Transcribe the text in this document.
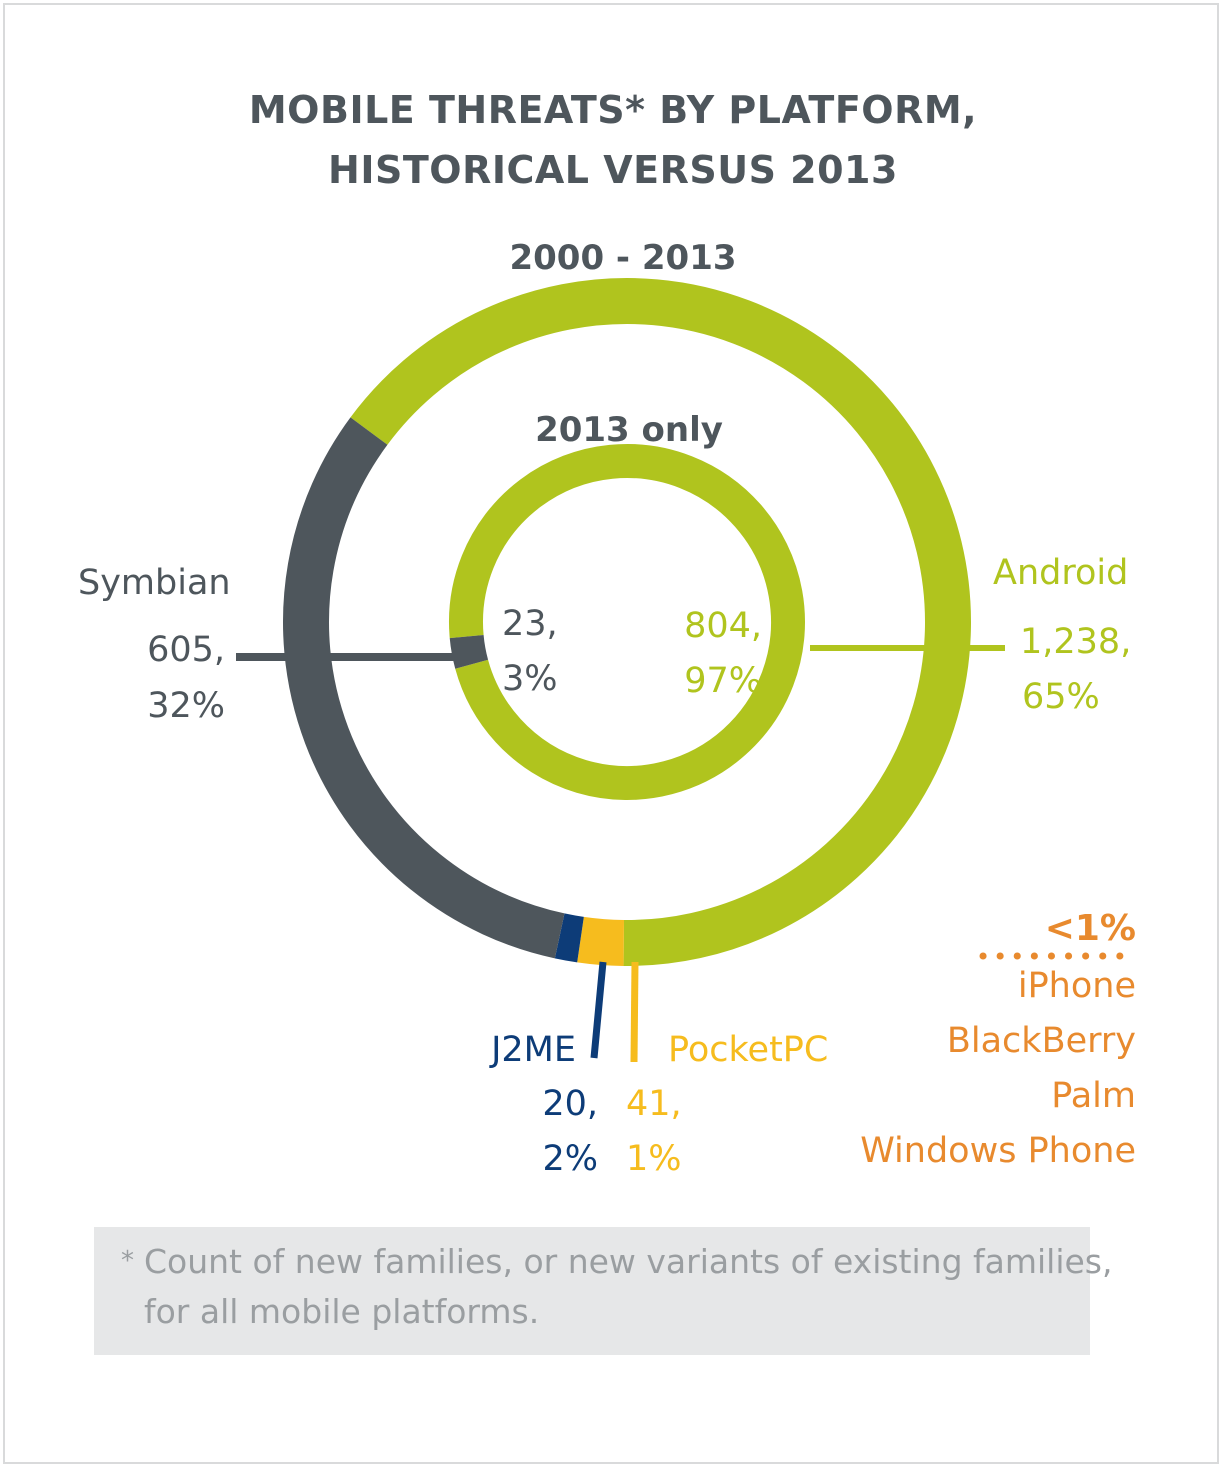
MOBILE THREATS* BY PLATFORM,
HISTORICAL VERSUS 2013
2000 - 2013
2013 only
Symbian
605,
32%
23,
3%
804,
97%
Android
1,238,
65%
J2ME
20,
2%
PocketPC
41,
1%
<1%
iPhone
BlackBerry
Palm
Windows Phone
* Count of new families, or new variants of existing families,
for all mobile platforms.
